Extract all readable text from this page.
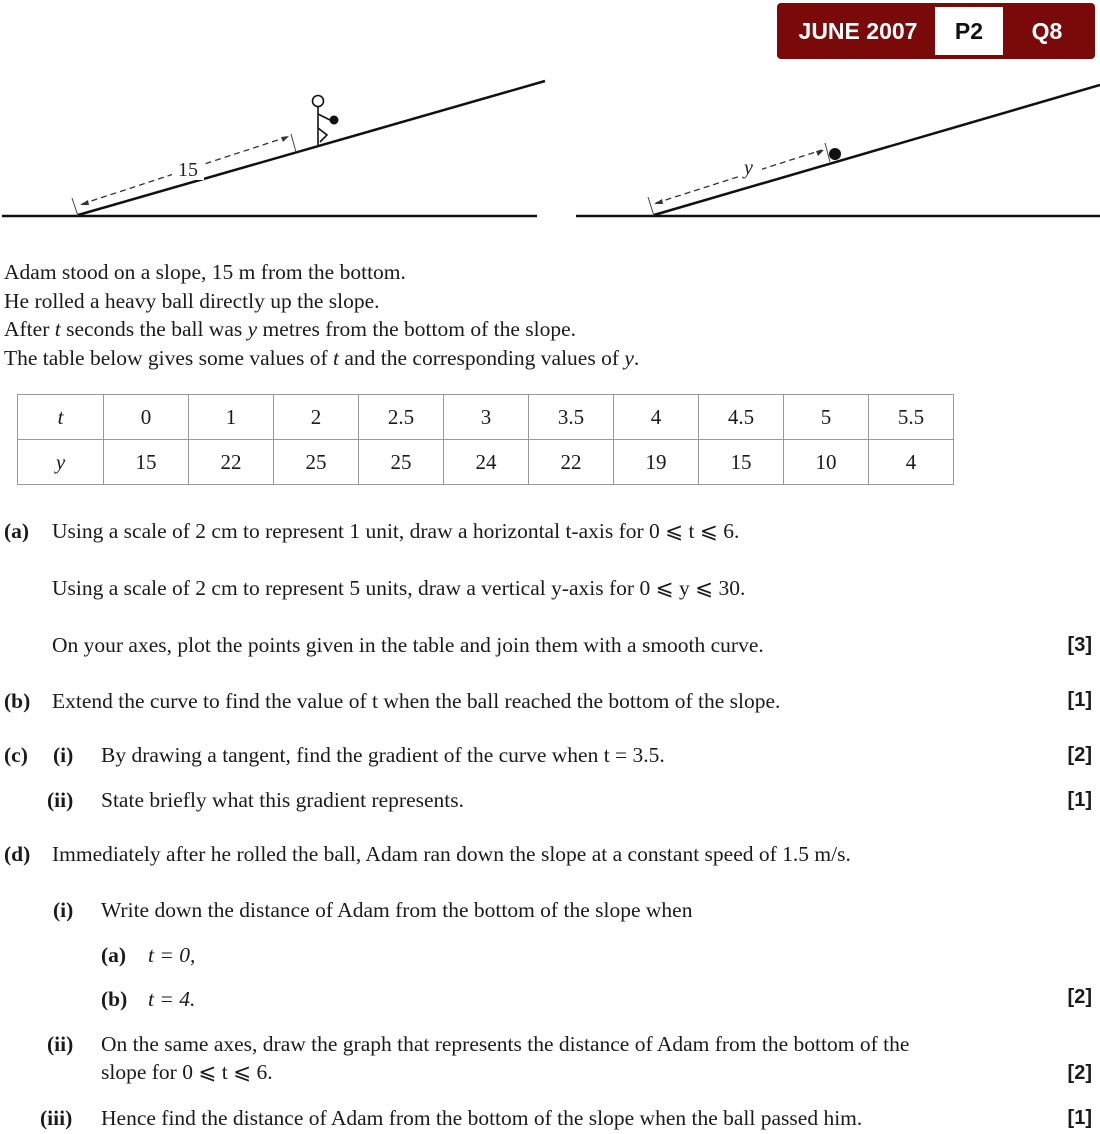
JUNE 2007	P2	Q8
15	y
Adam stood on a slope, 15 m from the bottom.
He rolled a heavy ball directly up the slope.
After t seconds the ball was y metres from the bottom of the slope.
The table below gives some values of t and the corresponding values of y.
t	0	1	2	2.5	3	3.5	4	4.5	5	5.5
y	15	22	25	25	24	22	19	15	10	4
(a) Using a scale of 2 cm to represent 1 unit, draw a horizontal t-axis for 0 ⩽ t ⩽ 6.
Using a scale of 2 cm to represent 5 units, draw a vertical y-axis for 0 ⩽ y ⩽ 30.
On your axes, plot the points given in the table and join them with a smooth curve.	[3]
(b) Extend the curve to find the value of t when the ball reached the bottom of the slope.	[1]
(c) (i) By drawing a tangent, find the gradient of the curve when t = 3.5.	[2]
(ii) State briefly what this gradient represents.	[1]
(d) Immediately after he rolled the ball, Adam ran down the slope at a constant speed of 1.5 m/s.
(i) Write down the distance of Adam from the bottom of the slope when
(a) t = 0,
(b) t = 4.	[2]
(ii) On the same axes, draw the graph that represents the distance of Adam from the bottom of the
slope for 0 ⩽ t ⩽ 6.	[2]
(iii) Hence find the distance of Adam from the bottom of the slope when the ball passed him.	[1]
